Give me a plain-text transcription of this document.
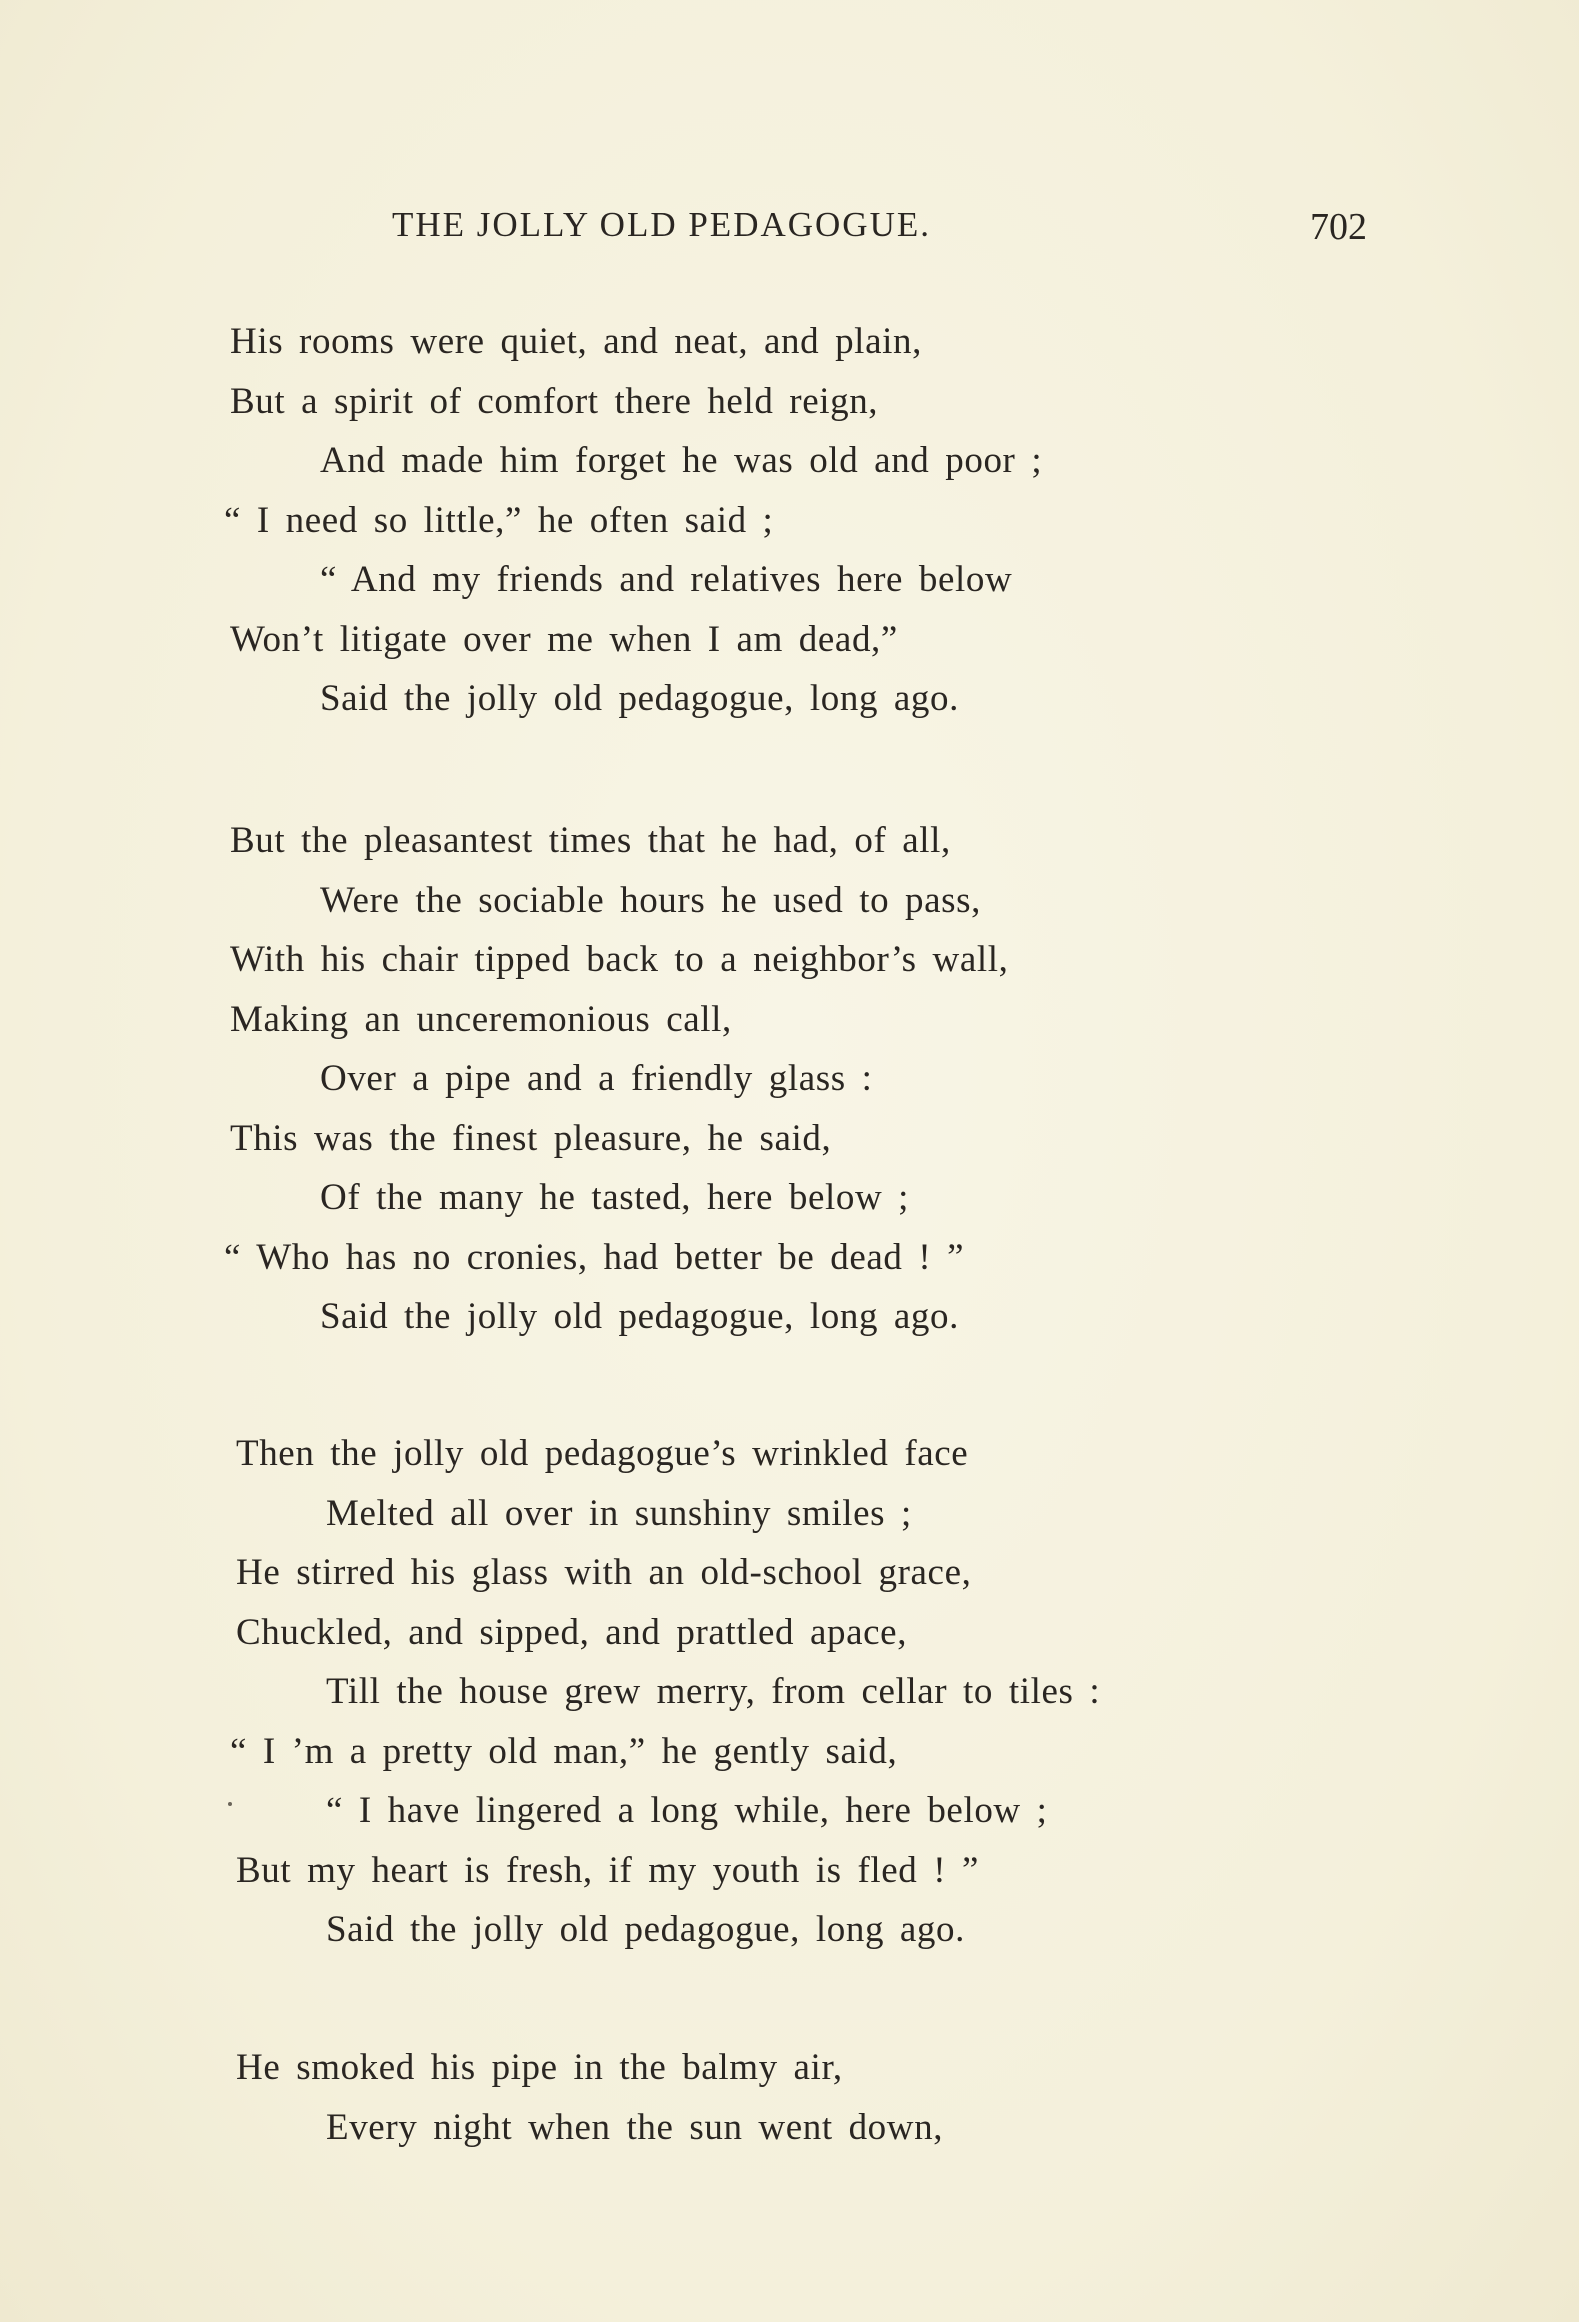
THE JOLLY OLD PEDAGOGUE.	702
His rooms were quiet, and neat, and plain,
But a spirit of comfort there held reign,
And made him forget he was old and poor ;
“ I need so little,” he often said ;
“ And my friends and relatives here below
Won’t litigate over me when I am dead,”
Said the jolly old pedagogue, long ago.
But the pleasantest times that he had, of all,
Were the sociable hours he used to pass,
With his chair tipped back to a neighbor’s wall,
Making an unceremonious call,
Over a pipe and a friendly glass :
This was the finest pleasure, he said,
Of the many he tasted, here below ;
“ Who has no cronies, had better be dead ! ”
Said the jolly old pedagogue, long ago.
Then the jolly old pedagogue’s wrinkled face
Melted all over in sunshiny smiles ;
He stirred his glass with an old-school grace,
Chuckled, and sipped, and prattled apace,
Till the house grew merry, from cellar to tiles :
“ I ’m a pretty old man,” he gently said,
“ I have lingered a long while, here below ;
But my heart is fresh, if my youth is fled ! ”
Said the jolly old pedagogue, long ago.
He smoked his pipe in the balmy air,
Every night when the sun went down,
